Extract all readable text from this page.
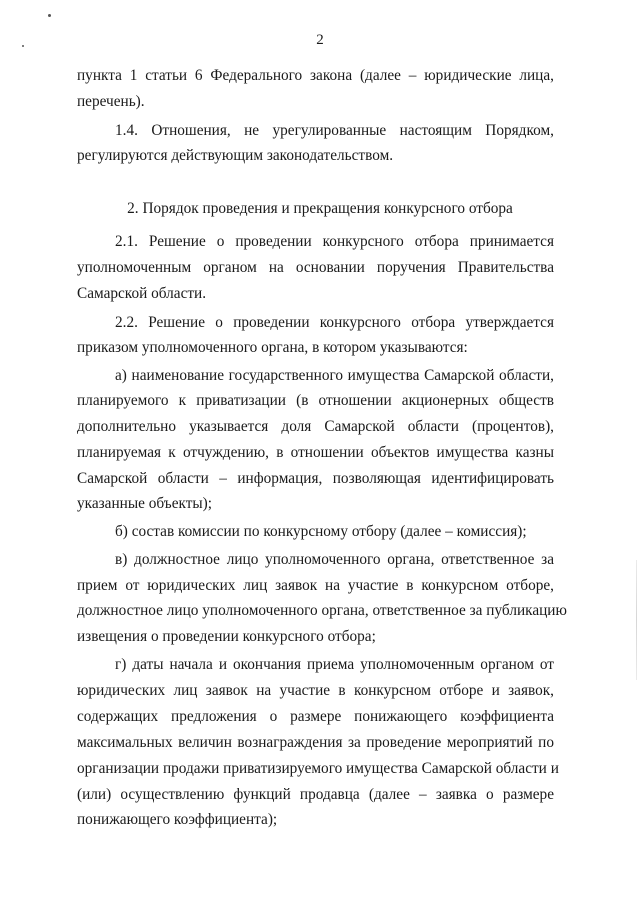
2
пункта 1 статьи 6 Федерального закона (далее – юридические лица,
перечень).
1.4. Отношения, не урегулированные настоящим Порядком,
регулируются действующим законодательством.
2. Порядок проведения и прекращения конкурсного отбора
2.1. Решение о проведении конкурсного отбора принимается
уполномоченным органом на основании поручения Правительства
Самарской области.
2.2. Решение о проведении конкурсного отбора утверждается
приказом уполномоченного органа, в котором указываются:
а) наименование государственного имущества Самарской области,
планируемого к приватизации (в отношении акционерных обществ
дополнительно указывается доля Самарской области (процентов),
планируемая к отчуждению, в отношении объектов имущества казны
Самарской области – информация, позволяющая идентифицировать
указанные объекты);
б) состав комиссии по конкурсному отбору (далее – комиссия);
в) должностное лицо уполномоченного органа, ответственное за
прием от юридических лиц заявок на участие в конкурсном отборе,
должностное лицо уполномоченного органа, ответственное за публикацию
извещения о проведении конкурсного отбора;
г) даты начала и окончания приема уполномоченным органом от
юридических лиц заявок на участие в конкурсном отборе и заявок,
содержащих предложения о размере понижающего коэффициента
максимальных величин вознаграждения за проведение мероприятий по
организации продажи приватизируемого имущества Самарской области и
(или) осуществлению функций продавца (далее – заявка о размере
понижающего коэффициента);
